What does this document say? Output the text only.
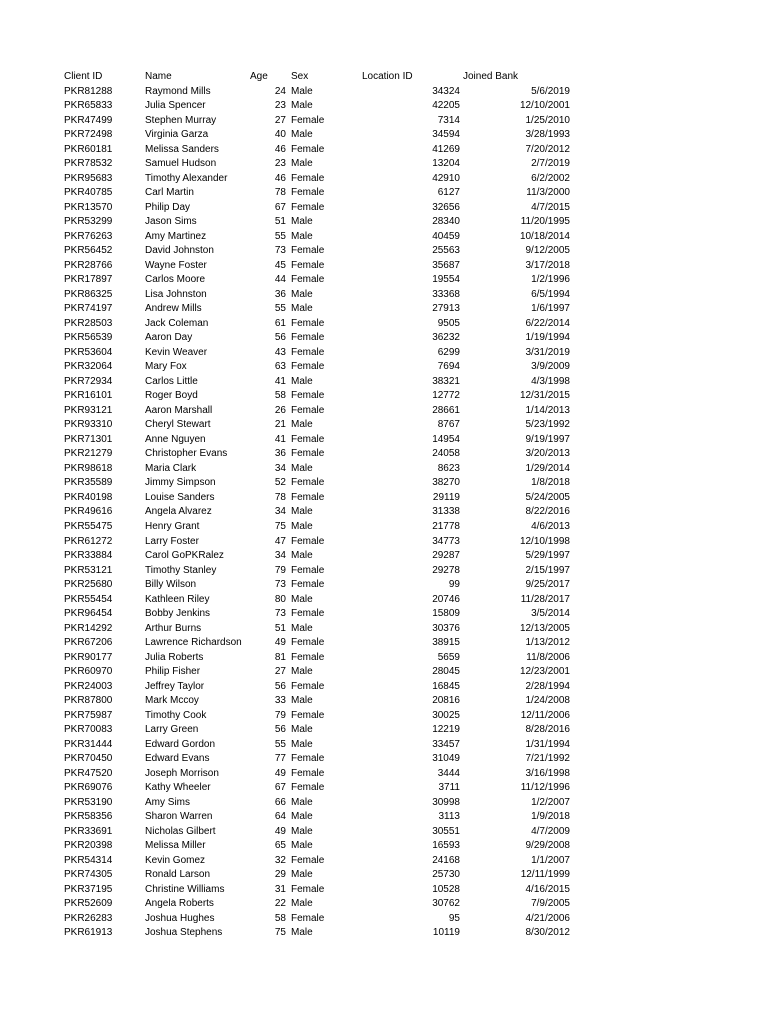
Client ID	Name	Age Sex	Location ID	Joined Bank
PKR81288	Raymond Mills	24 Male	34324	5/6/2019
PKR65833	Julia Spencer	23 Male	42205	12/10/2001
PKR47499	Stephen Murray	27 Female	7314	1/25/2010
PKR72498	Virginia Garza	40 Male	34594	3/28/1993
PKR60181	Melissa Sanders	46 Female	41269	7/20/2012
PKR78532	Samuel Hudson	23 Male	13204	2/7/2019
PKR95683	Timothy Alexander	46 Female	42910	6/2/2002
PKR40785	Carl Martin	78 Female	6127	11/3/2000
PKR13570	Philip Day	67 Female	32656	4/7/2015
PKR53299	Jason Sims	51 Male	28340	11/20/1995
PKR76263	Amy Martinez	55 Male	40459	10/18/2014
PKR56452	David Johnston	73 Female	25563	9/12/2005
PKR28766	Wayne Foster	45 Female	35687	3/17/2018
PKR17897	Carlos Moore	44 Female	19554	1/2/1996
PKR86325	Lisa Johnston	36 Male	33368	6/5/1994
PKR74197	Andrew Mills	55 Male	27913	1/6/1997
PKR28503	Jack Coleman	61 Female	9505	6/22/2014
PKR56539	Aaron Day	56 Female	36232	1/19/1994
PKR53604	Kevin Weaver	43 Female	6299	3/31/2019
PKR32064	Mary Fox	63 Female	7694	3/9/2009
PKR72934	Carlos Little	41 Male	38321	4/3/1998
PKR16101	Roger Boyd	58 Female	12772	12/31/2015
PKR93121	Aaron Marshall	26 Female	28661	1/14/2013
PKR93310	Cheryl Stewart	21 Male	8767	5/23/1992
PKR71301	Anne Nguyen	41 Female	14954	9/19/1997
PKR21279	Christopher Evans	36 Female	24058	3/20/2013
PKR98618	Maria Clark	34 Male	8623	1/29/2014
PKR35589	Jimmy Simpson	52 Female	38270	1/8/2018
PKR40198	Louise Sanders	78 Female	29119	5/24/2005
PKR49616	Angela Alvarez	34 Male	31338	8/22/2016
PKR55475	Henry Grant	75 Male	21778	4/6/2013
PKR61272	Larry Foster	47 Female	34773	12/10/1998
PKR33884	Carol GoPKRalez	34 Male	29287	5/29/1997
PKR53121	Timothy Stanley	79 Female	29278	2/15/1997
PKR25680	Billy Wilson	73 Female	99	9/25/2017
PKR55454	Kathleen Riley	80 Male	20746	11/28/2017
PKR96454	Bobby Jenkins	73 Female	15809	3/5/2014
PKR14292	Arthur Burns	51 Male	30376	12/13/2005
PKR67206	Lawrence Richardson	49 Female	38915	1/13/2012
PKR90177	Julia Roberts	81 Female	5659	11/8/2006
PKR60970	Philip Fisher	27 Male	28045	12/23/2001
PKR24003	Jeffrey Taylor	56 Female	16845	2/28/1994
PKR87800	Mark Mccoy	33 Male	20816	1/24/2008
PKR75987	Timothy Cook	79 Female	30025	12/11/2006
PKR70083	Larry Green	56 Male	12219	8/28/2016
PKR31444	Edward Gordon	55 Male	33457	1/31/1994
PKR70450	Edward Evans	77 Female	31049	7/21/1992
PKR47520	Joseph Morrison	49 Female	3444	3/16/1998
PKR69076	Kathy Wheeler	67 Female	3711	11/12/1996
PKR53190	Amy Sims	66 Male	30998	1/2/2007
PKR58356	Sharon Warren	64 Male	3113	1/9/2018
PKR33691	Nicholas Gilbert	49 Male	30551	4/7/2009
PKR20398	Melissa Miller	65 Male	16593	9/29/2008
PKR54314	Kevin Gomez	32 Female	24168	1/1/2007
PKR74305	Ronald Larson	29 Male	25730	12/11/1999
PKR37195	Christine Williams	31 Female	10528	4/16/2015
PKR52609	Angela Roberts	22 Male	30762	7/9/2005
PKR26283	Joshua Hughes	58 Female	95	4/21/2006
PKR61913	Joshua Stephens	75 Male	10119	8/30/2012
